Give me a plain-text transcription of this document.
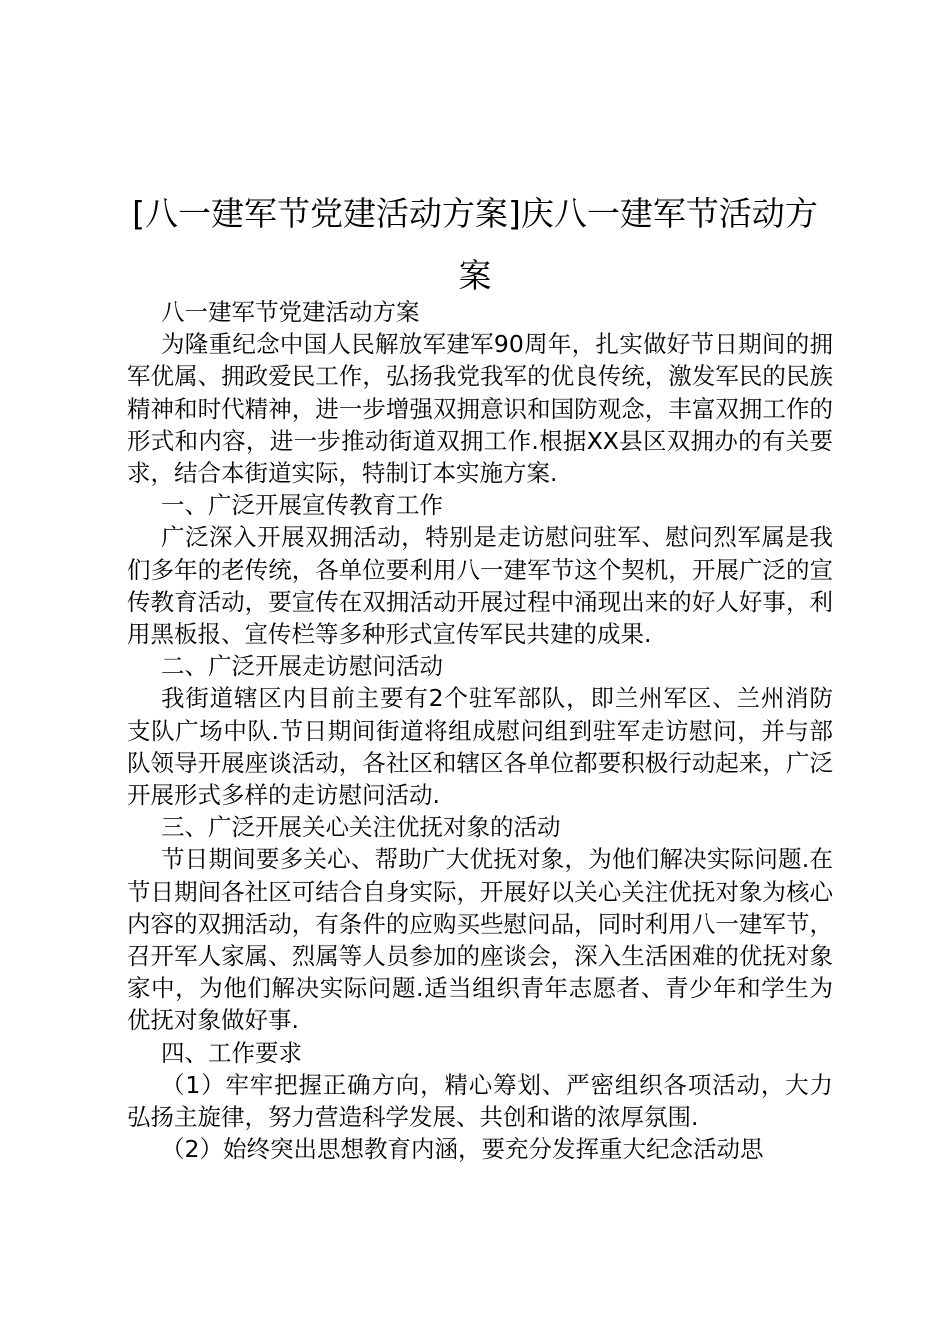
[八一建军节党建活动方案]庆八一建军节活动方案

八一建军节党建活动方案

为隆重纪念中国人民解放军建军90周年，扎实做好节日期间的拥军优属、拥政爱民工作，弘扬我党我军的优良传统，激发军民的民族精神和时代精神，进一步增强双拥意识和国防观念，丰富双拥工作的形式和内容，进一步推动街道双拥工作.根据XX县区双拥办的有关要求，结合本街道实际，特制订本实施方案.

一、广泛开展宣传教育工作

广泛深入开展双拥活动，特别是走访慰问驻军、慰问烈军属是我们多年的老传统，各单位要利用八一建军节这个契机，开展广泛的宣传教育活动，要宣传在双拥活动开展过程中涌现出来的好人好事，利用黑板报、宣传栏等多种形式宣传军民共建的成果.

二、广泛开展走访慰问活动

我街道辖区内目前主要有2个驻军部队，即兰州军区、兰州消防支队广场中队.节日期间街道将组成慰问组到驻军走访慰问，并与部队领导开展座谈活动，各社区和辖区各单位都要积极行动起来，广泛开展形式多样的走访慰问活动.

三、广泛开展关心关注优抚对象的活动

节日期间要多关心、帮助广大优抚对象，为他们解决实际问题.在节日期间各社区可结合自身实际，开展好以关心关注优抚对象为核心内容的双拥活动，有条件的应购买些慰问品，同时利用八一建军节，召开军人家属、烈属等人员参加的座谈会，深入生活困难的优抚对象家中，为他们解决实际问题.适当组织青年志愿者、青少年和学生为优抚对象做好事.

四、工作要求

（1）牢牢把握正确方向，精心筹划、严密组织各项活动，大力弘扬主旋律，努力营造科学发展、共创和谐的浓厚氛围.

（2）始终突出思想教育内涵，要充分发挥重大纪念活动思
